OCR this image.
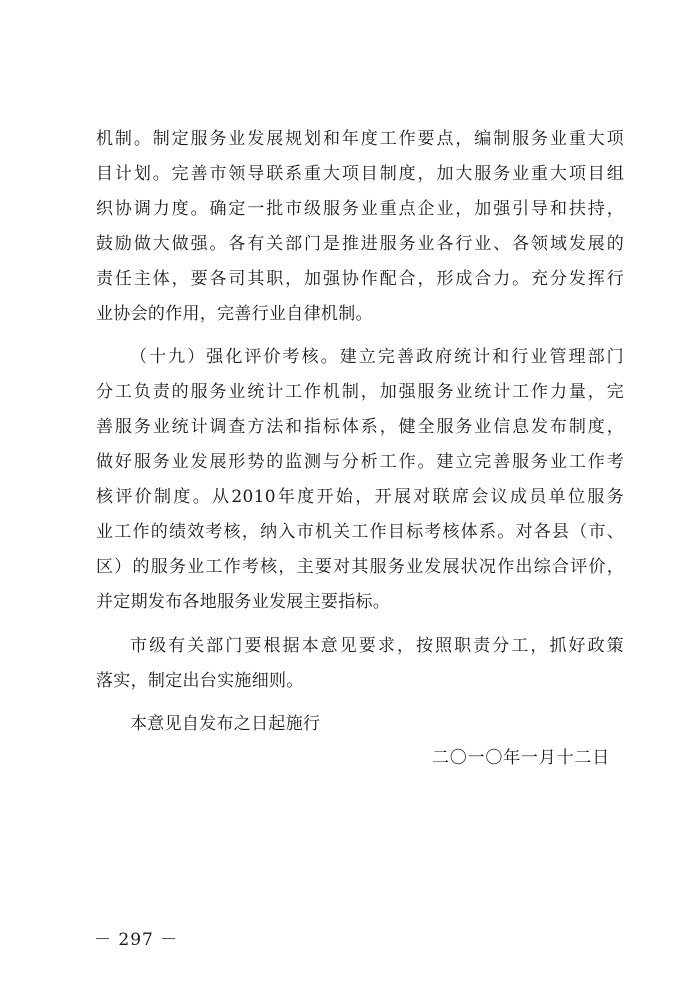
机制。制定服务业发展规划和年度工作要点，编制服务业重大项
目计划。完善市领导联系重大项目制度，加大服务业重大项目组
织协调力度。确定一批市级服务业重点企业，加强引导和扶持，
鼓励做大做强。各有关部门是推进服务业各行业、各领域发展的
责任主体，要各司其职，加强协作配合，形成合力。充分发挥行
业协会的作用，完善行业自律机制。
（十九）强化评价考核。建立完善政府统计和行业管理部门
分工负责的服务业统计工作机制，加强服务业统计工作力量，完
善服务业统计调查方法和指标体系，健全服务业信息发布制度，
做好服务业发展形势的监测与分析工作。建立完善服务业工作考
核评价制度。从2010年度开始，开展对联席会议成员单位服务
业工作的绩效考核，纳入市机关工作目标考核体系。对各县（市、
区）的服务业工作考核，主要对其服务业发展状况作出综合评价，
并定期发布各地服务业发展主要指标。
市级有关部门要根据本意见要求，按照职责分工，抓好政策
落实，制定出台实施细则。
本意见自发布之日起施行
二〇一〇年一月十二日
－ 297 －
